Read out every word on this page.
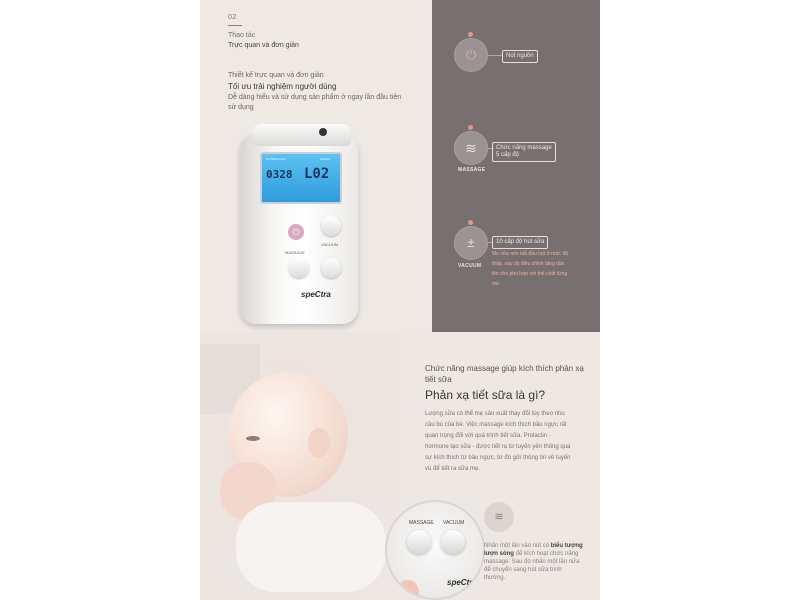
02
Thao tác
Trực quan và đơn giản
Thiết kế trực quan và đơn giản
Tối ưu trải nghiệm người dùng
Dễ dàng hiểu và sử dụng sản phẩm ở ngay lần đầu tiên sử dụng
EXPRESSION	SCHED
0328 L02
⏻
MASSAGE
VACUUM
speCtra
⏻	Nút nguồn
≋	Chức năng massage
5 cấp độ
MASSAGE
±	10 cấp độ hút sữa
VACUUM
Mẹ sữa nên bắt đầu hút ở mức độ thấp, sau đó điều chỉnh tăng dần lên cho phù hợp với thể chất từng mẹ
Chức năng massage giúp kích thích phản xạ tiết sữa
Phản xạ tiết sữa là gì?
Lượng sữa có thể mẹ sản xuất thay đổi tùy theo nhu cầu bú của bé. Việc massage kích thích bầu ngực rất quan trọng đối với quá trình tiết sữa. Prolactin - hormone tạo sữa - được tiết ra từ tuyến yên thông qua sự kích thích từ bầu ngực, từ đó gửi thông tin về tuyến vú để tiết ra sữa mẹ.
MASSAGE VACUUM
speCtra
≋
Nhấn một lần vào nút có biểu tượng lượn sóng để kích hoạt chức năng massage. Sau đó nhấn một lần nữa để chuyển sang hút sữa bình thường.
